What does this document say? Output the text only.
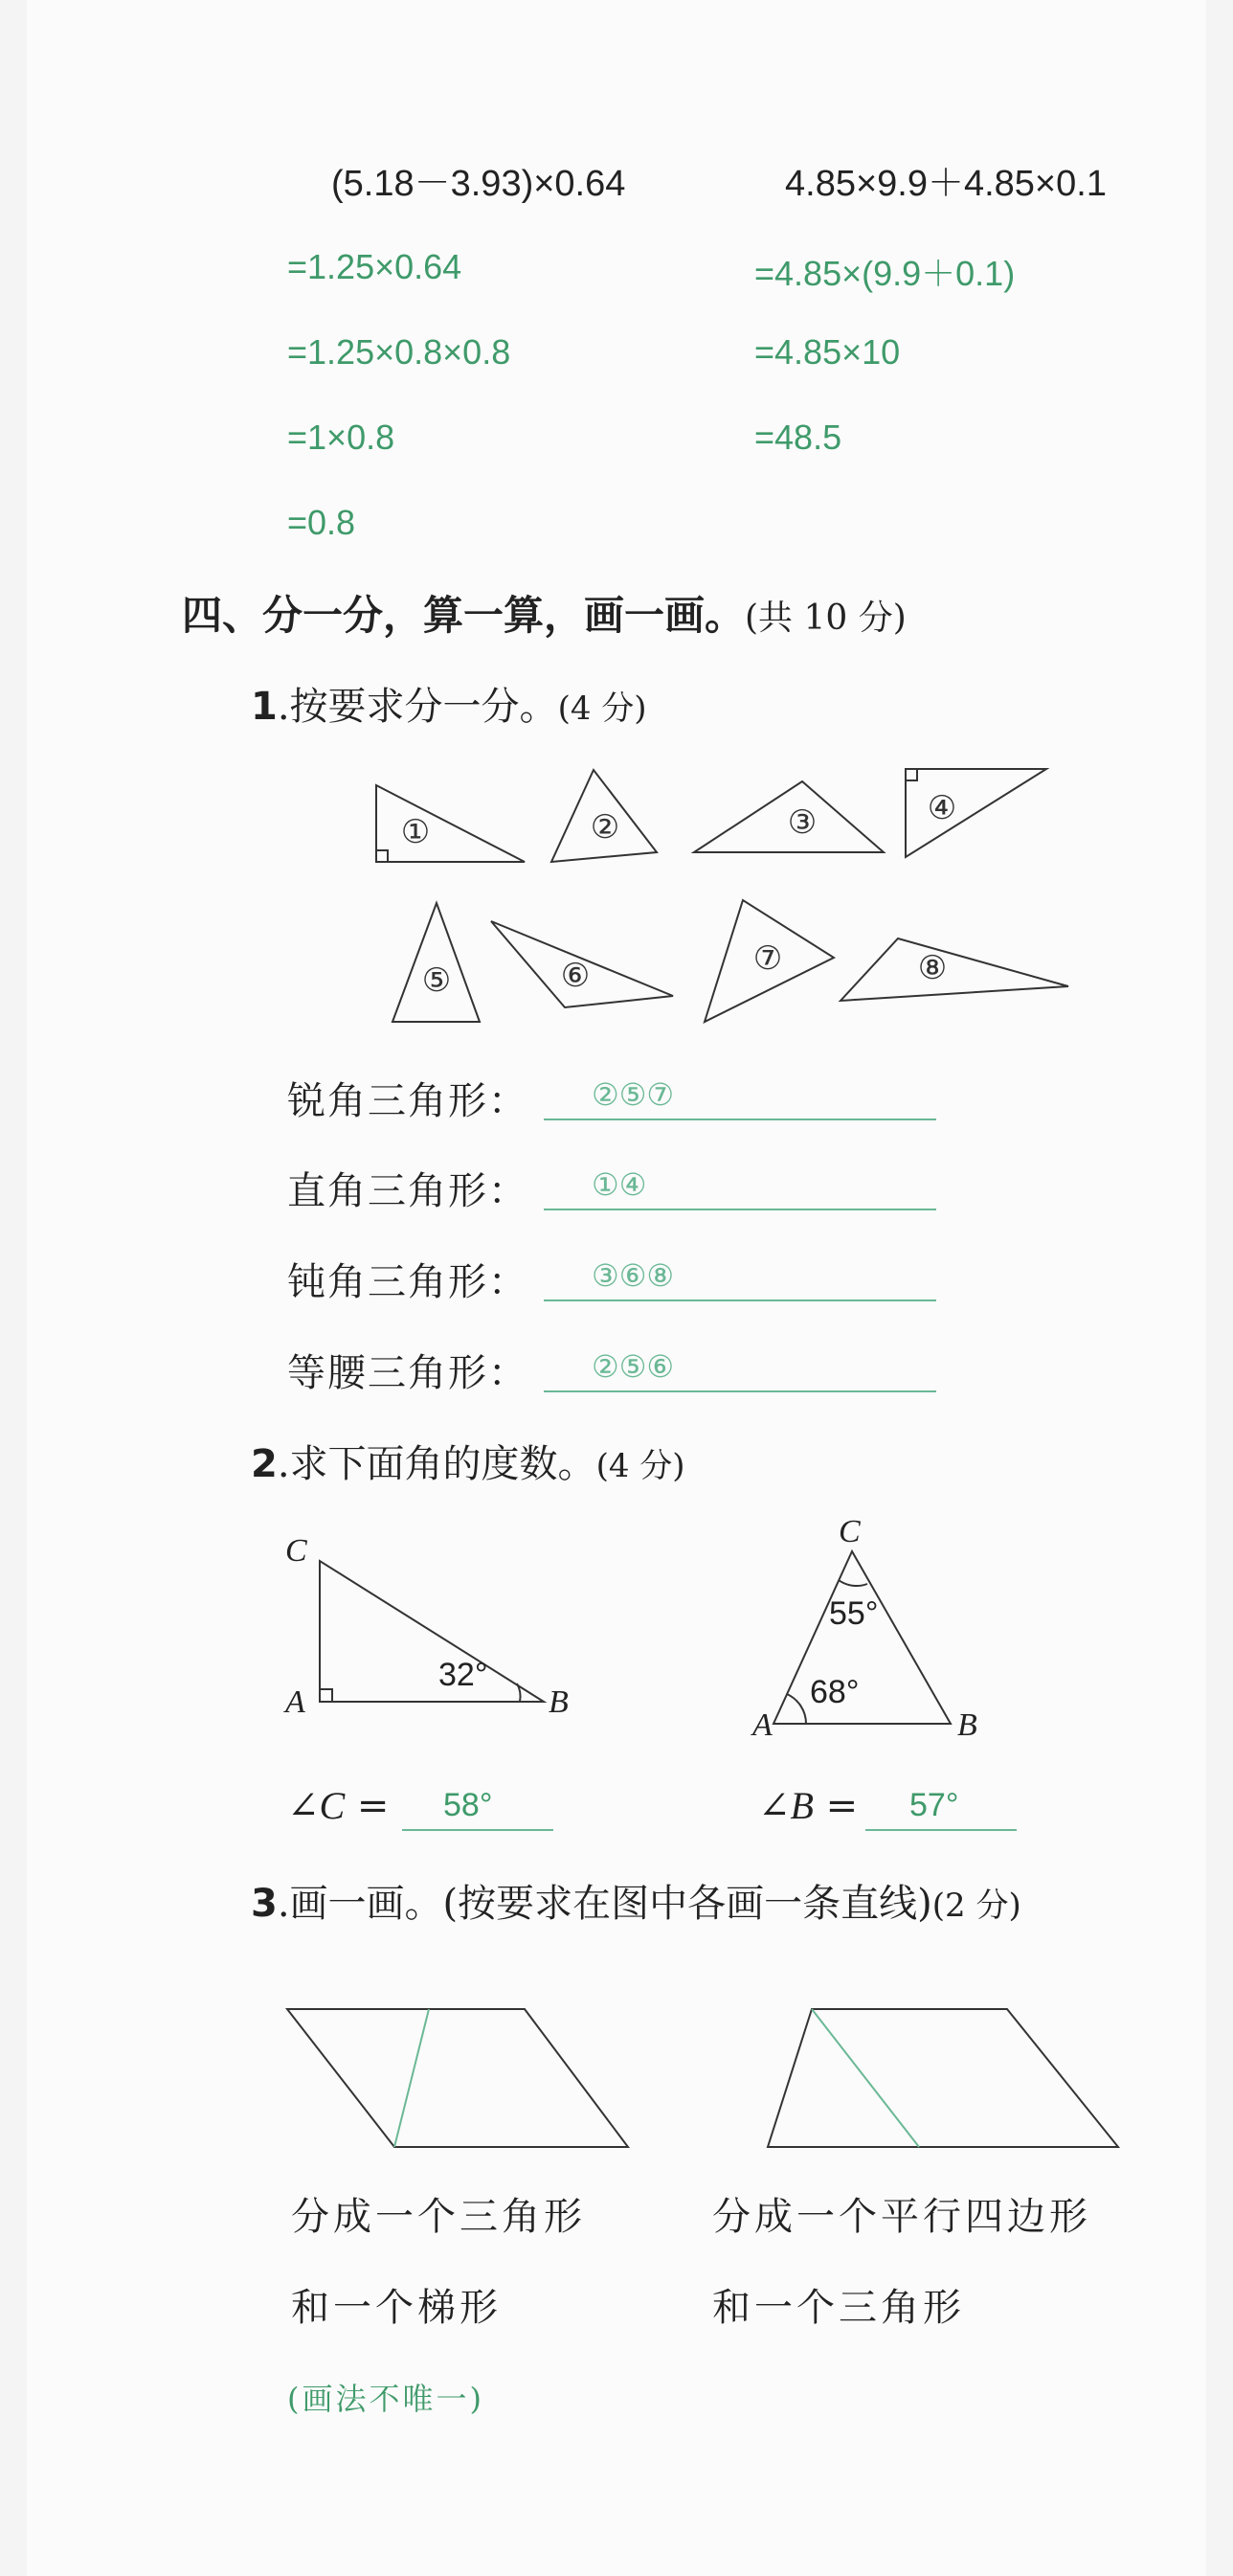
(5.18－3.93)×0.64	4.85×9.9＋4.85×0.1
=1.25×0.64
=1.25×0.8×0.8
=1×0.8
=0.8
=4.85×(9.9＋0.1)
=4.85×10
=48.5
四、分一分，算一算，画一画。(共 10 分)
1.按要求分一分。(4 分)
①	②	③	④
⑤	⑥	⑦	⑧
锐角三角形： ②⑤⑦
直角三角形： ①④
钝角三角形： ③⑥⑧
等腰三角形： ②⑤⑥
2.求下面角的度数。(4 分)
C
A	B
32°
C
A	B
55°
68°
∠C = 58°	∠B = 57°
3.画一画。(按要求在图中各画一条直线)(2 分)
分成一个三角形
和一个梯形
分成一个平行四边形
和一个三角形
(画法不唯一)
